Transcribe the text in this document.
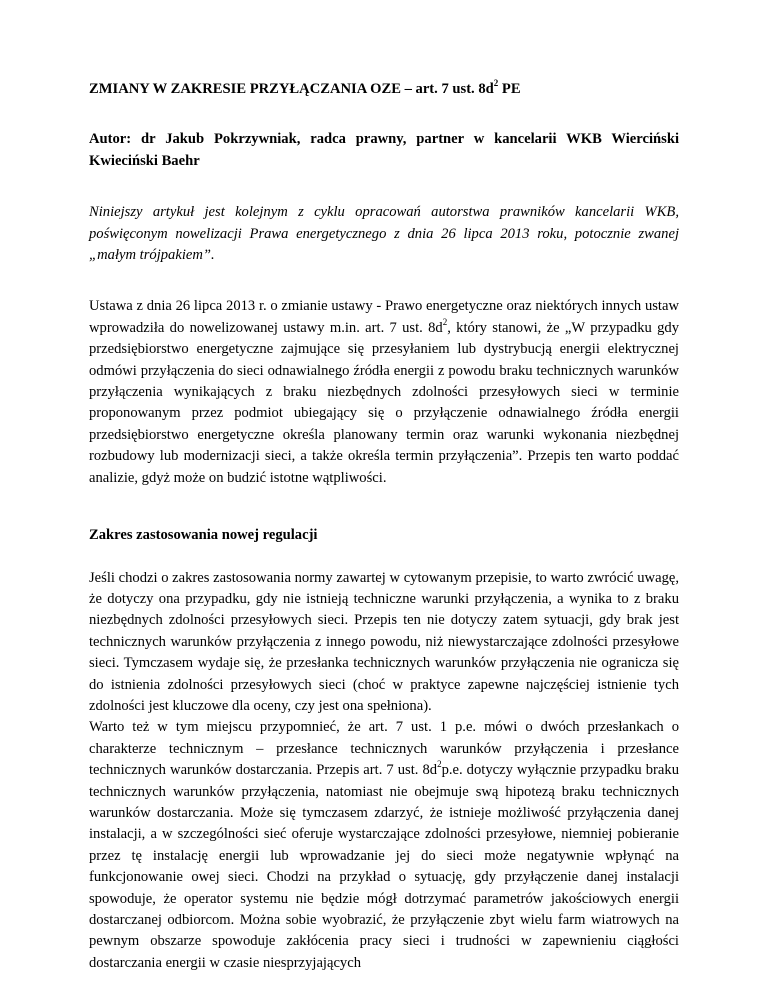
ZMIANY W ZAKRESIE PRZYŁĄCZANIA OZE – art. 7 ust. $8d^2$ PE

Autor: dr Jakub Pokrzywniak, radca prawny, partner w kancelarii WKB Wierciński Kwieciński Baehr

Niniejszy artykuł jest kolejnym z cyklu opracowań autorstwa prawników kancelarii WKB, poświęconym nowelizacji Prawa energetycznego z dnia 26 lipca 2013 roku, potocznie zwanej „małym trójpakiem”.

Ustawa z dnia 26 lipca 2013 r. o zmianie ustawy - Prawo energetyczne oraz niektórych innych ustaw wprowadziła do nowelizowanej ustawy m.in. art. 7 ust. $8d^2$, który stanowi, że „W przypadku gdy przedsiębiorstwo energetyczne zajmujące się przesyłaniem lub dystrybucją energii elektrycznej odmówi przyłączenia do sieci odnawialnego źródła energii z powodu braku technicznych warunków przyłączenia wynikających z braku niezbędnych zdolności przesyłowych sieci w terminie proponowanym przez podmiot ubiegający się o przyłączenie odnawialnego źródła energii przedsiębiorstwo energetyczne określa planowany termin oraz warunki wykonania niezbędnej rozbudowy lub modernizacji sieci, a także określa termin przyłączenia”. Przepis ten warto poddać analizie, gdyż może on budzić istotne wątpliwości.

Zakres zastosowania nowej regulacji

Jeśli chodzi o zakres zastosowania normy zawartej w cytowanym przepisie, to warto zwrócić uwagę, że dotyczy ona przypadku, gdy nie istnieją techniczne warunki przyłączenia, a wynika to z braku niezbędnych zdolności przesyłowych sieci. Przepis ten nie dotyczy zatem sytuacji, gdy brak jest technicznych warunków przyłączenia z innego powodu, niż niewystarczające zdolności przesyłowe sieci. Tymczasem wydaje się, że przesłanka technicznych warunków przyłączenia nie ogranicza się do istnienia zdolności przesyłowych sieci (choć w praktyce zapewne najczęściej istnienie tych zdolności jest kluczowe dla oceny, czy jest ona spełniona).
Warto też w tym miejscu przypomnieć, że art. 7 ust. 1 p.e. mówi o dwóch przesłankach o charakterze technicznym – przesłance technicznych warunków przyłączenia i przesłance technicznych warunków dostarczania. Przepis art. 7 ust. $8d^2p.e$. dotyczy wyłącznie przypadku braku technicznych warunków przyłączenia, natomiast nie obejmuje swą hipotezą braku technicznych warunków dostarczania. Może się tymczasem zdarzyć, że istnieje możliwość przyłączenia danej instalacji, a w szczególności sieć oferuje wystarczające zdolności przesyłowe, niemniej pobieranie przez tę instalację energii lub wprowadzanie jej do sieci może negatywnie wpłynąć na funkcjonowanie owej sieci. Chodzi na przykład o sytuację, gdy przyłączenie danej instalacji spowoduje, że operator systemu nie będzie mógł dotrzymać parametrów jakościowych energii dostarczanej odbiorcom. Można sobie wyobrazić, że przyłączenie zbyt wielu farm wiatrowych na pewnym obszarze spowoduje zakłócenia pracy sieci i trudności w zapewnieniu ciągłości dostarczania energii w czasie niesprzyjających
